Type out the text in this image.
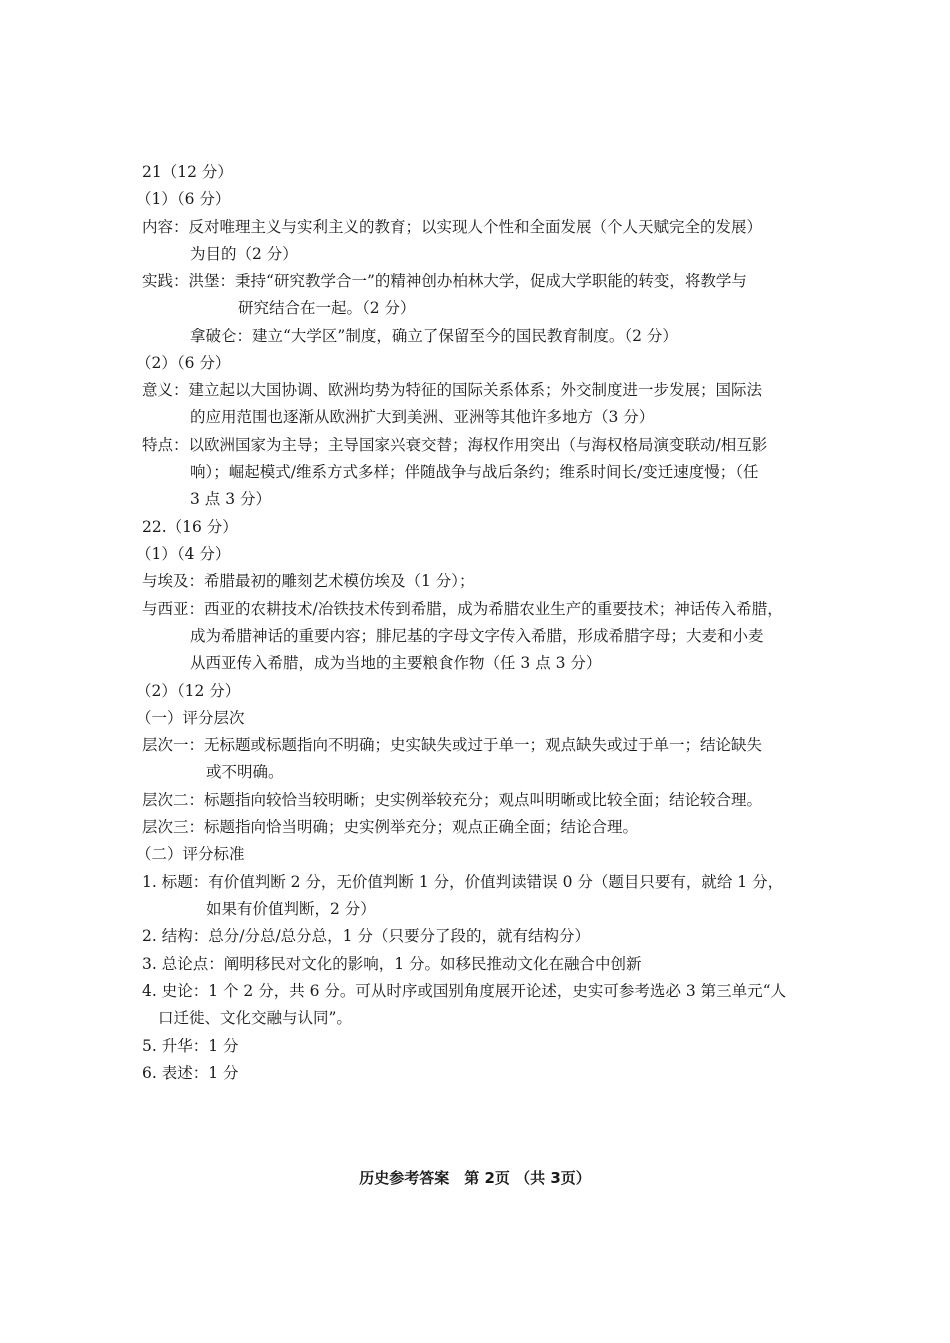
21（12 分）
（1）（6 分）
内容：反对唯理主义与实利主义的教育；以实现人个性和全面发展（个人天赋完全的发展）
为目的（2 分）
实践：洪堡：秉持“研究教学合一”的精神创办柏林大学，促成大学职能的转变，将教学与
研究结合在一起。（2 分）
拿破仑：建立“大学区”制度，确立了保留至今的国民教育制度。（2 分）
（2）（6 分）
意义：建立起以大国协调、欧洲均势为特征的国际关系体系；外交制度进一步发展；国际法
的应用范围也逐渐从欧洲扩大到美洲、亚洲等其他许多地方（3 分）
特点：以欧洲国家为主导；主导国家兴衰交替；海权作用突出（与海权格局演变联动/相互影
响）；崛起模式/维系方式多样；伴随战争与战后条约；维系时间长/变迁速度慢；（任
3 点 3 分）
22.（16 分）
（1）（4 分）
与埃及：希腊最初的雕刻艺术模仿埃及（1 分）；
与西亚：西亚的农耕技术/冶铁技术传到希腊，成为希腊农业生产的重要技术；神话传入希腊，
成为希腊神话的重要内容；腓尼基的字母文字传入希腊，形成希腊字母；大麦和小麦
从西亚传入希腊，成为当地的主要粮食作物（任 3 点 3 分）
（2）（12 分）
（一）评分层次
层次一：无标题或标题指向不明确；史实缺失或过于单一；观点缺失或过于单一；结论缺失
或不明确。
层次二：标题指向较恰当较明晰；史实例举较充分；观点叫明晰或比较全面；结论较合理。
层次三：标题指向恰当明确；史实例举充分；观点正确全面；结论合理。
（二）评分标准
1. 标题：有价值判断 2 分，无价值判断 1 分，价值判读错误 0 分（题目只要有，就给 1 分，
如果有价值判断，2 分）
2. 结构：总分/分总/总分总，1 分（只要分了段的，就有结构分）
3. 总论点：阐明移民对文化的影响，1 分。如移民推动文化在融合中创新
4. 史论：1 个 2 分，共 6 分。可从时序或国别角度展开论述，史实可参考选必 3 第三单元“人
口迁徙、文化交融与认同”。
5. 升华：1 分
6. 表述：1 分
历史参考答案　第 2页 （共 3页）
